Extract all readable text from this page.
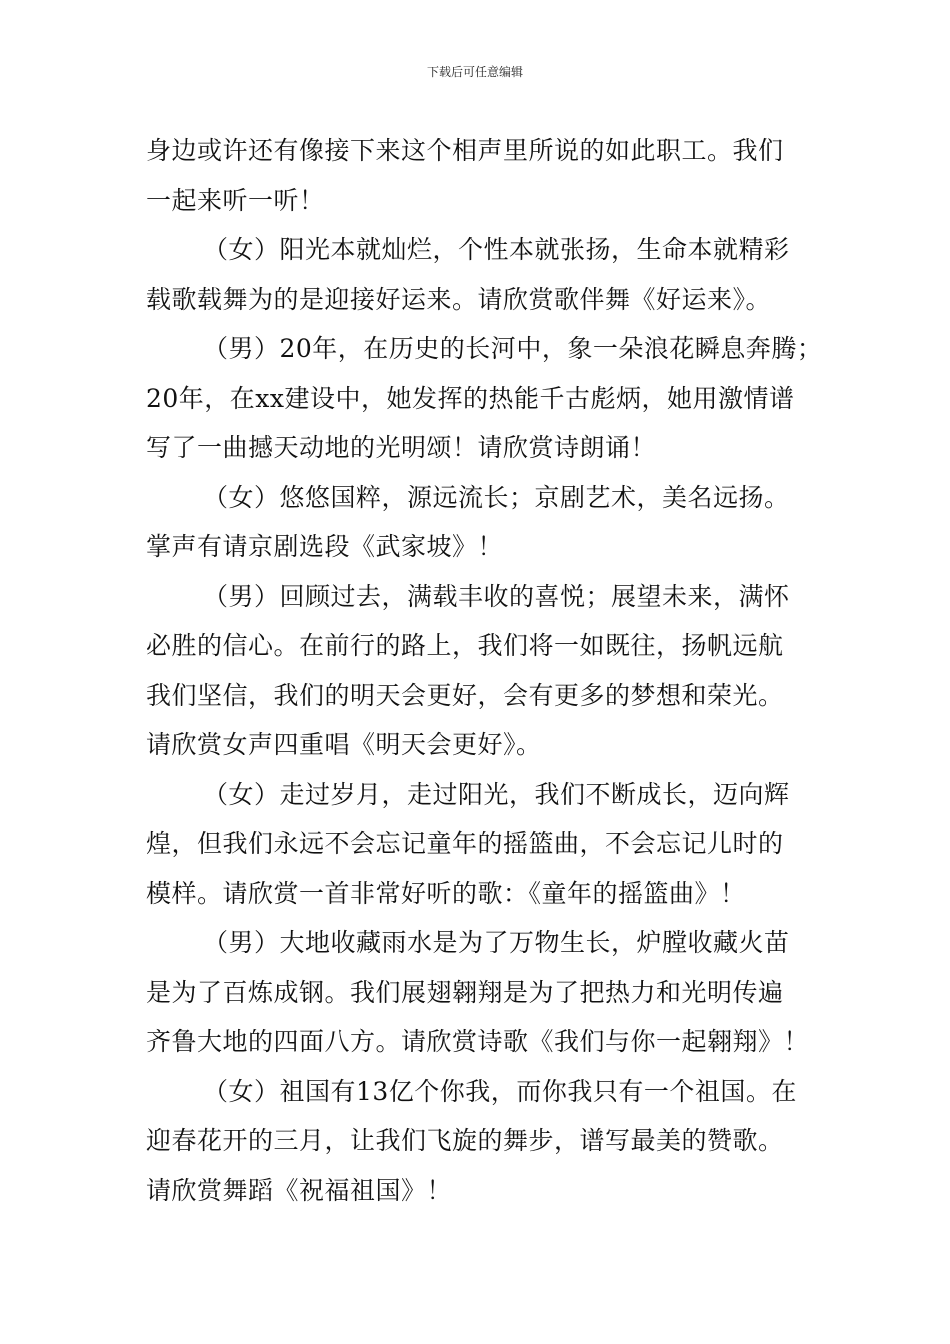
下载后可任意编辑
身边或许还有像接下来这个相声里所说的如此职工。我们
一起来听一听！
（女）阳光本就灿烂，个性本就张扬，生命本就精彩
载歌载舞为的是迎接好运来。请欣赏歌伴舞《好运来》。
（男）20年，在历史的长河中，象一朵浪花瞬息奔腾；
20年，在xx建设中，她发挥的热能千古彪炳，她用激情谱
写了一曲撼天动地的光明颂！请欣赏诗朗诵！
（女）悠悠国粹，源远流长；京剧艺术，美名远扬。
掌声有请京剧选段《武家坡》！
（男）回顾过去，满载丰收的喜悦；展望未来，满怀
必胜的信心。在前行的路上，我们将一如既往，扬帆远航
我们坚信，我们的明天会更好，会有更多的梦想和荣光。
请欣赏女声四重唱《明天会更好》。
（女）走过岁月，走过阳光，我们不断成长，迈向辉
煌，但我们永远不会忘记童年的摇篮曲，不会忘记儿时的
模样。请欣赏一首非常好听的歌：《童年的摇篮曲》！
（男）大地收藏雨水是为了万物生长，炉膛收藏火苗
是为了百炼成钢。我们展翅翱翔是为了把热力和光明传遍
齐鲁大地的四面八方。请欣赏诗歌《我们与你一起翱翔》！
（女）祖国有13亿个你我，而你我只有一个祖国。在
迎春花开的三月，让我们飞旋的舞步，谱写最美的赞歌。
请欣赏舞蹈《祝福祖国》！
